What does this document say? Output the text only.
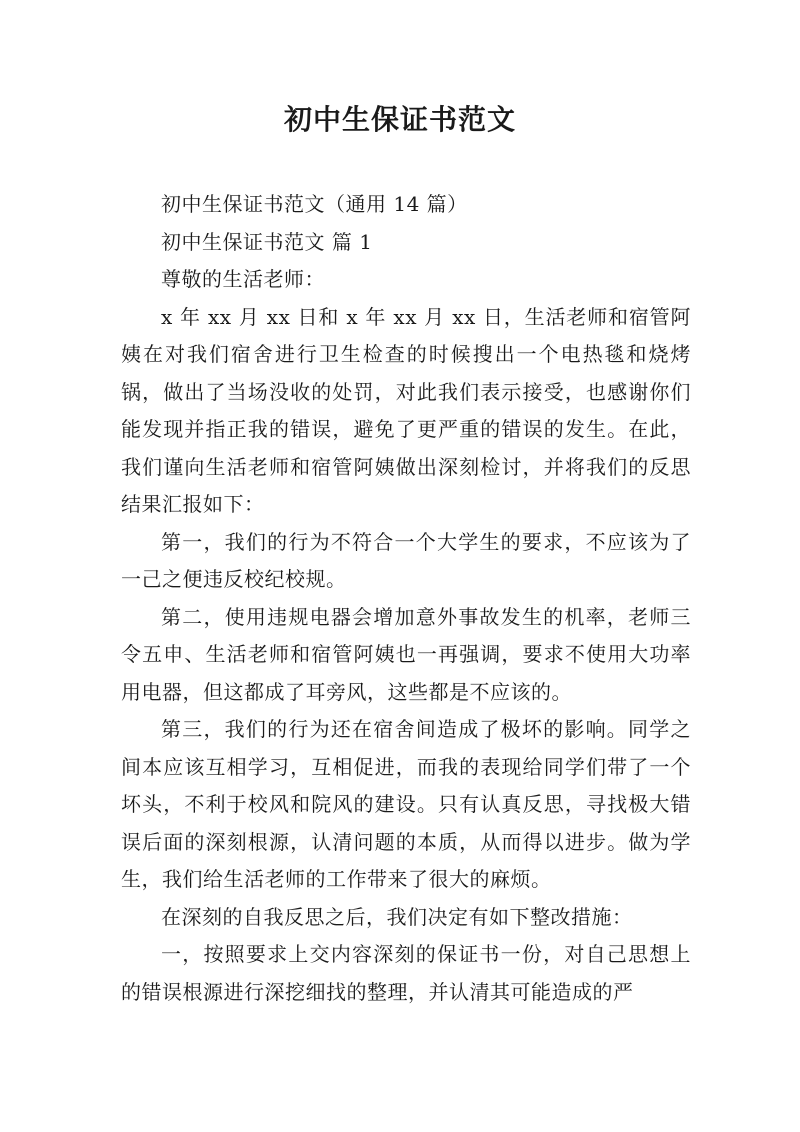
初中生保证书范文

初中生保证书范文（通用 14 篇）

初中生保证书范文 篇 1

尊敬的生活老师：

x 年 xx 月 xx 日和 x 年 xx 月 xx 日，生活老师和宿管阿姨在对我们宿舍进行卫生检查的时候搜出一个电热毯和烧烤锅，做出了当场没收的处罚，对此我们表示接受，也感谢你们能发现并指正我的错误，避免了更严重的错误的发生。在此，我们谨向生活老师和宿管阿姨做出深刻检讨，并将我们的反思结果汇报如下：

第一，我们的行为不符合一个大学生的要求，不应该为了一己之便违反校纪校规。

第二，使用违规电器会增加意外事故发生的机率，老师三令五申、生活老师和宿管阿姨也一再强调，要求不使用大功率用电器，但这都成了耳旁风，这些都是不应该的。

第三，我们的行为还在宿舍间造成了极坏的影响。同学之间本应该互相学习，互相促进，而我的表现给同学们带了一个坏头，不利于校风和院风的建设。只有认真反思，寻找极大错误后面的深刻根源，认清问题的本质，从而得以进步。做为学生，我们给生活老师的工作带来了很大的麻烦。

在深刻的自我反思之后，我们决定有如下整改措施：

一，按照要求上交内容深刻的保证书一份，对自己思想上的错误根源进行深挖细找的整理，并认清其可能造成的严
